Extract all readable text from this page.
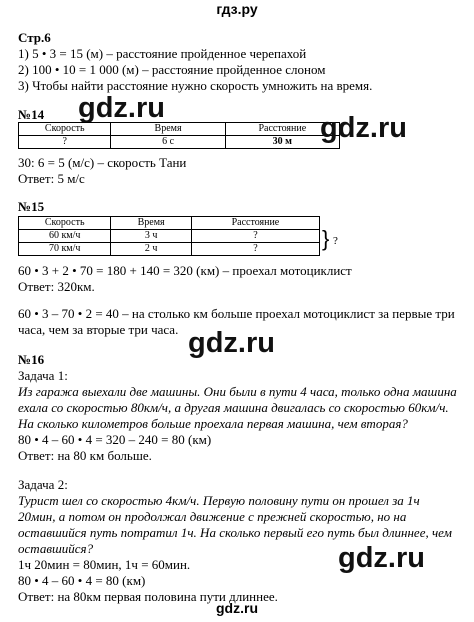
гдз.ру
Стр.6
1) 5 • 3 = 15 (м) – расстояние пройденное черепахой
2) 100 • 10 = 1 000 (м) – расстояние пройденное слоном
3) Чтобы найти расстояние нужно скорость умножить на время.
№14 gdz.ru
Скорость	Время	Расстояние
?	6 с	30 м gdz.ru
30: 6 = 5 (м/с) – скорость Тани
Ответ: 5 м/с
№15
Скорость	Время	Расстояние
60 км/ч	3 ч	?
70 км/ч	2 ч	?	} ?
60 • 3 + 2 • 70 = 180 + 140 = 320 (км) – проехал мотоциклист
Ответ: 320км.
60 • 3 – 70 • 2 = 40 – на столько км больше проехал мотоциклист за первые три
часа, чем за вторые три часа. gdz.ru
№16
Задача 1:
Из гаража выехали две машины. Они были в пути 4 часа, только одна машина
ехала со скоростью 80км/ч, а другая машина двигалась со скоростью 60км/ч.
На сколько километров больше проехала первая машина, чем вторая?
80 • 4 – 60 • 4 = 320 – 240 = 80 (км)
Ответ: на 80 км больше.
Задача 2:
Турист шел со скоростью 4км/ч. Первую половину пути он прошел за 1ч
20мин, а потом он продолжал движение с прежней скоростью, но на
оставшийся путь потратил 1ч. На сколько первый его путь был длиннее, чем
оставшийся?
1ч 20мин = 80мин, 1ч = 60мин.
80 • 4 – 60 • 4 = 80 (км)
Ответ: на 80км первая половина пути длиннее.
gdz.ru
gdz.ru
